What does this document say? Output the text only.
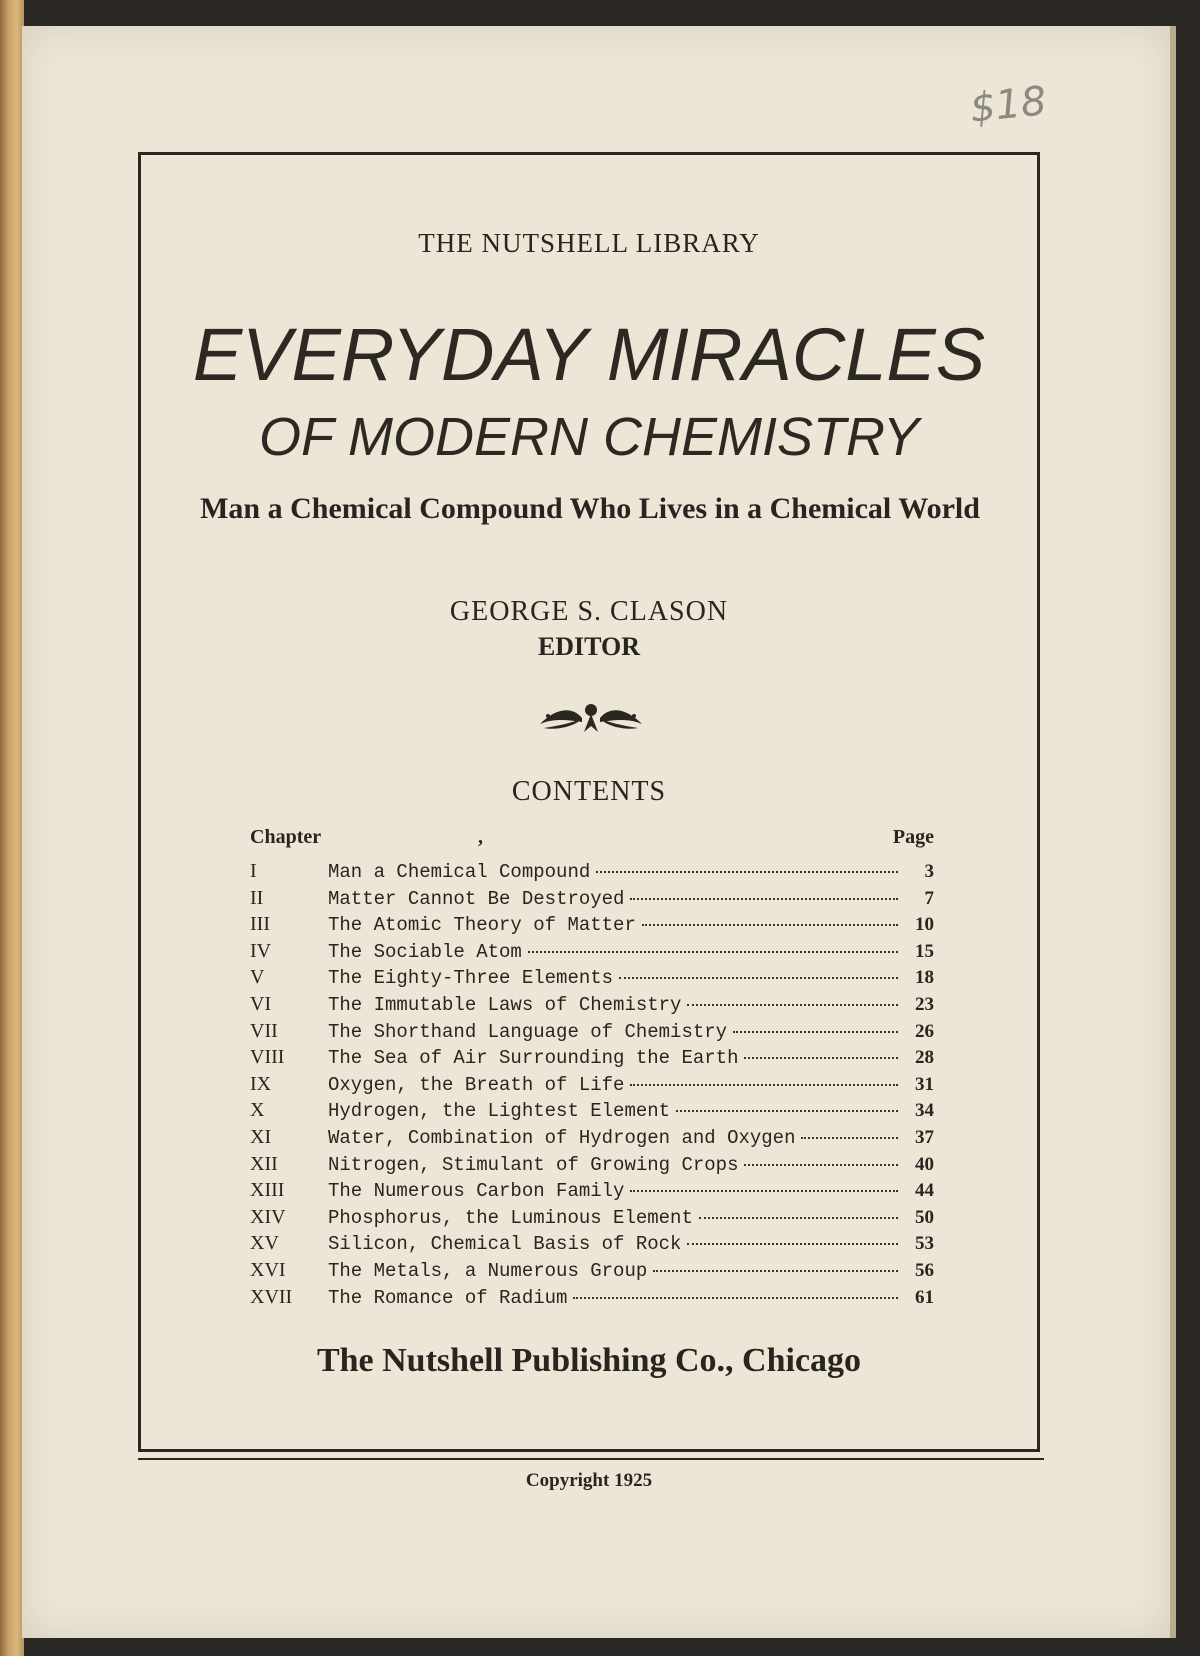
$18
THE NUTSHELL LIBRARY
EVERYDAY MIRACLES
OF MODERN CHEMISTRY
Man a Chemical Compound Who Lives in a Chemical World
GEORGE S. CLASON
EDITOR
CONTENTS
Chapter	,	Page
I	Man a Chemical Compound	3
II	Matter Cannot Be Destroyed	7
III	The Atomic Theory of Matter	10
IV	The Sociable Atom	15
V	The Eighty-Three Elements	18
VI	The Immutable Laws of Chemistry	23
VII	The Shorthand Language of Chemistry	26
VIII	The Sea of Air Surrounding the Earth	28
IX	Oxygen, the Breath of Life	31
X	Hydrogen, the Lightest Element	34
XI	Water, Combination of Hydrogen and Oxygen	37
XII	Nitrogen, Stimulant of Growing Crops	40
XIII	The Numerous Carbon Family	44
XIV	Phosphorus, the Luminous Element	50
XV	Silicon, Chemical Basis of Rock	53
XVI	The Metals, a Numerous Group	56
XVII	The Romance of Radium	61
The Nutshell Publishing Co., Chicago
Copyright 1925
